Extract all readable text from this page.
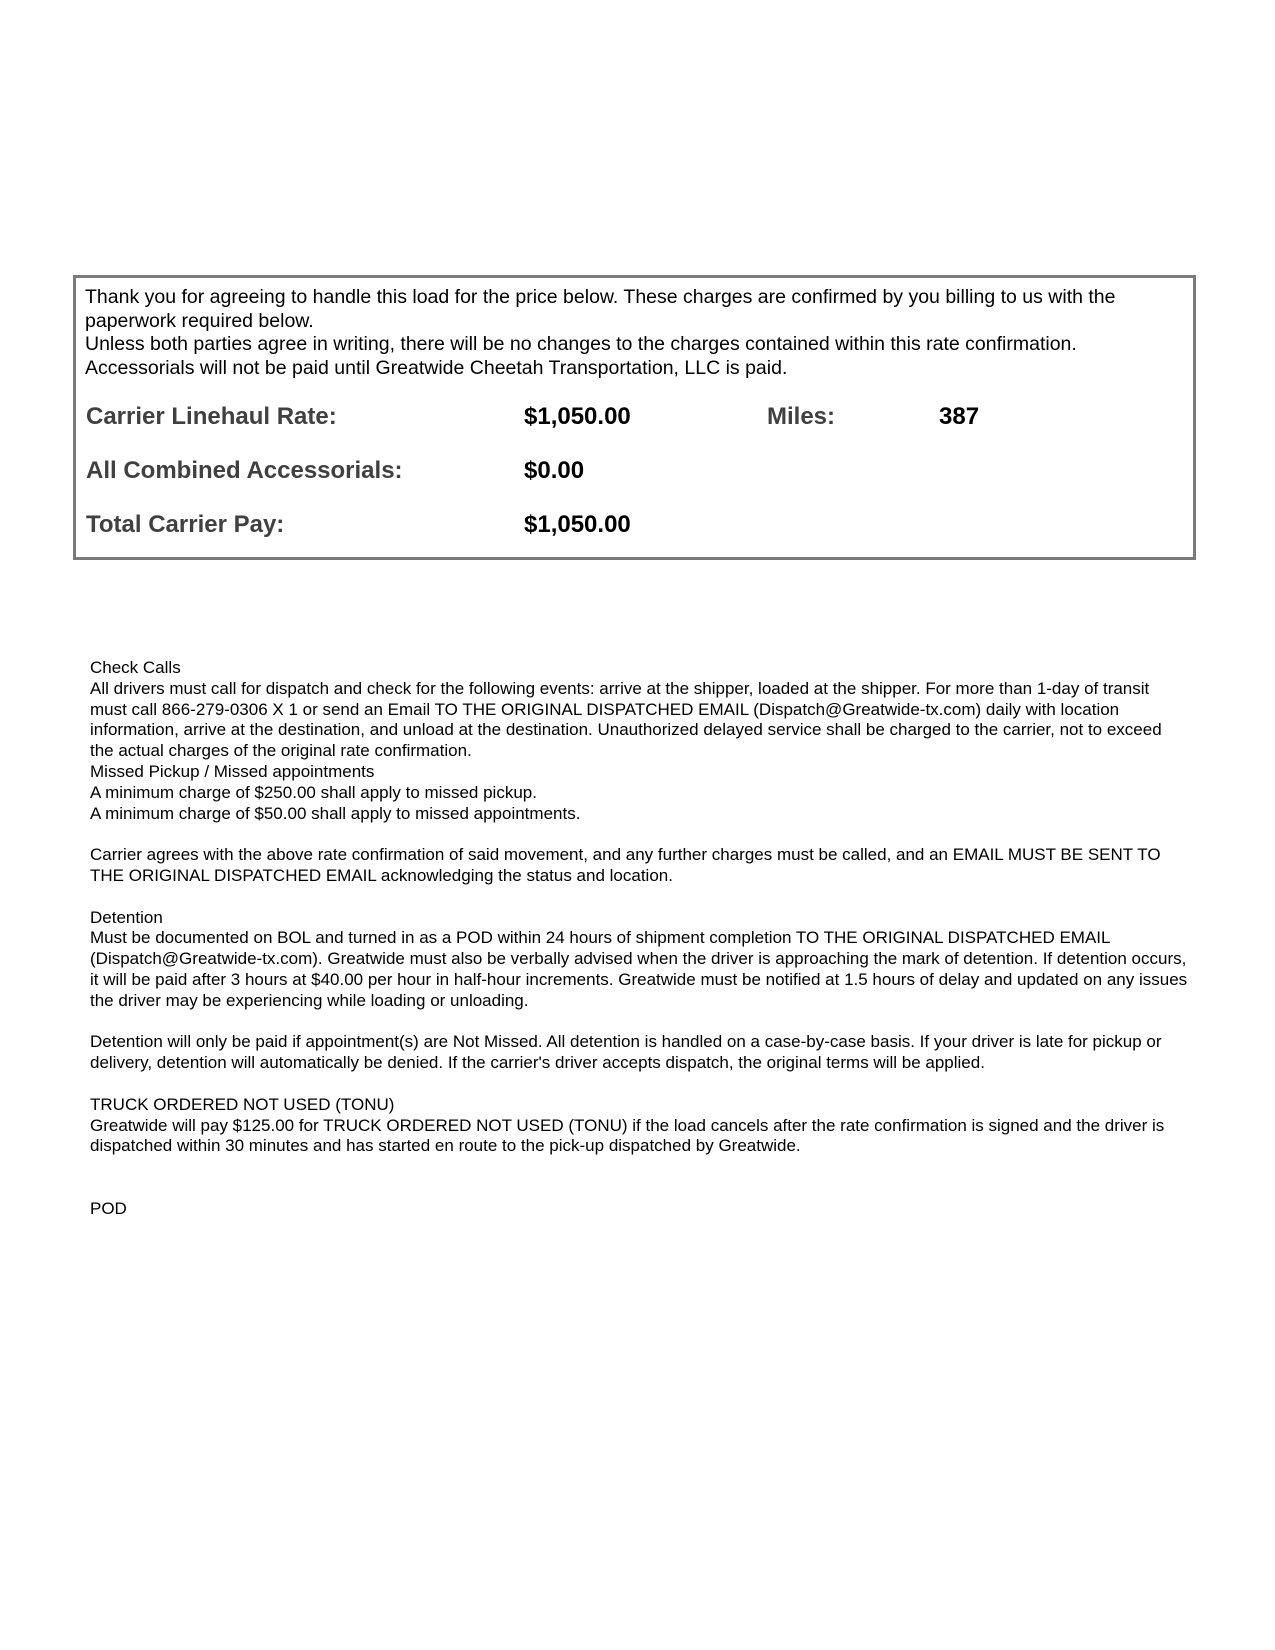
Thank you for agreeing to handle this load for the price below. These charges are confirmed by you billing to us with the paperwork required below.

Unless both parties agree in writing, there will be no changes to the charges contained within this rate confirmation.

Accessorials will not be paid until Greatwide Cheetah Transportation, LLC is paid.

Carrier Linehaul Rate:	$1,050.00	Miles:	387
All Combined Accessorials:	$0.00
Total Carrier Pay:	$1,050.00

Check Calls

All drivers must call for dispatch and check for the following events: arrive at the shipper, loaded at the shipper. For more than 1-day of transit must call 866-279-0306 X 1 or send an Email TO THE ORIGINAL DISPATCHED EMAIL (Dispatch@Greatwide-tx.com) daily with location information, arrive at the destination, and unload at the destination. Unauthorized delayed service shall be charged to the carrier, not to exceed the actual charges of the original rate confirmation.

Missed Pickup / Missed appointments

A minimum charge of $250.00 shall apply to missed pickup.

A minimum charge of $50.00 shall apply to missed appointments.

Carrier agrees with the above rate confirmation of said movement, and any further charges must be called, and an EMAIL MUST BE SENT TO THE ORIGINAL DISPATCHED EMAIL acknowledging the status and location.

Detention

Must be documented on BOL and turned in as a POD within 24 hours of shipment completion TO THE ORIGINAL DISPATCHED EMAIL (Dispatch@Greatwide-tx.com). Greatwide must also be verbally advised when the driver is approaching the mark of detention. If detention occurs, it will be paid after 3 hours at $40.00 per hour in half-hour increments. Greatwide must be notified at 1.5 hours of delay and updated on any issues the driver may be experiencing while loading or unloading.

Detention will only be paid if appointment(s) are Not Missed. All detention is handled on a case-by-case basis. If your driver is late for pickup or delivery, detention will automatically be denied. If the carrier's driver accepts dispatch, the original terms will be applied.

TRUCK ORDERED NOT USED (TONU)

Greatwide will pay $125.00 for TRUCK ORDERED NOT USED (TONU) if the load cancels after the rate confirmation is signed and the driver is dispatched within 30 minutes and has started en route to the pick-up dispatched by Greatwide.

POD
